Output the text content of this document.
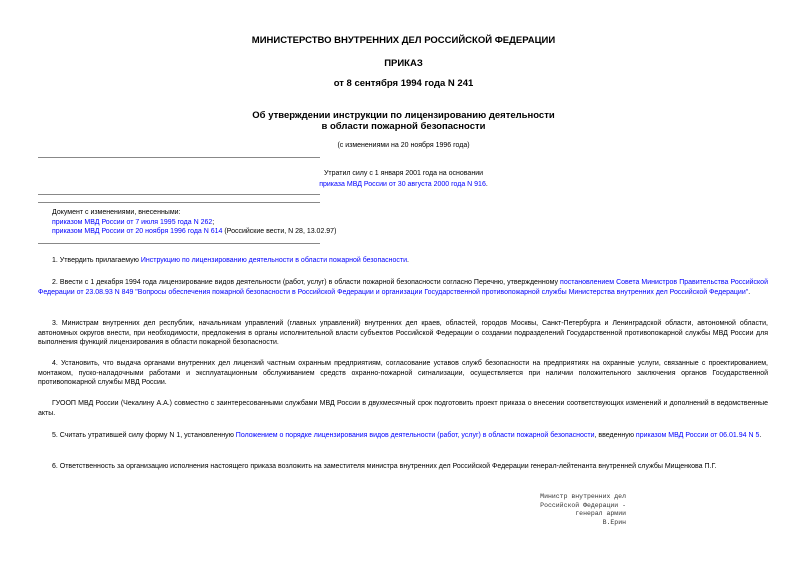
МИНИСТЕРСТВО ВНУТРЕННИХ ДЕЛ РОССИЙСКОЙ ФЕДЕРАЦИИ
ПРИКАЗ
от 8 сентября 1994 года N 241
Об утверждении инструкции по лицензированию деятельности
в области пожарной безопасности
(с изменениями на 20 ноября 1996 года)
Утратил силу с 1 января 2001 года на основании
приказа МВД России от 30 августа 2000 года N 916.
Документ с изменениями, внесенными:
приказом МВД России от 7 июля 1995 года N 262;
приказом МВД России от 20 ноября 1996 года N 614 (Российские вести, N 28, 13.02.97)
1. Утвердить прилагаемую Инструкцию по лицензированию деятельности в области пожарной безопасности.
2. Ввести с 1 декабря 1994 года лицензирование видов деятельности (работ, услуг) в области пожарной безопасности согласно Перечню, утвержденному постановлением Совета Министров Правительства Российской Федерации от 23.08.93 N 849 "Вопросы обеспечения пожарной безопасности в Российской Федерации и организации Государственной противопожарной службы Министерства внутренних дел Российской Федерации".
3. Министрам внутренних дел республик, начальникам управлений (главных управлений) внутренних дел краев, областей, городов Москвы, Санкт-Петербурга и Ленинградской области, автономной области, автономных округов внести, при необходимости, предложения в органы исполнительной власти субъектов Российской Федерации о создании подразделений Государственной противопожарной службы МВД России для выполнения функций лицензирования в области пожарной безопасности.
4. Установить, что выдача органами внутренних дел лицензий частным охранным предприятиям, согласование уставов служб безопасности на предприятиях на охранные услуги, связанные с проектированием, монтажом, пуско-наладочными работами и эксплуатационным обслуживанием средств охранно-пожарной сигнализации, осуществляется при наличии положительного заключения органов Государственной противопожарной службы МВД России.
ГУООП МВД России (Чекалину А.А.) совместно с заинтересованными службами МВД России в двухмесячный срок подготовить проект приказа о внесении соответствующих изменений и дополнений в ведомственные акты.
5. Считать утратившей силу форму N 1, установленную Положением о порядке лицензирования видов деятельности (работ, услуг) в области пожарной безопасности, введенную приказом МВД России от 06.01.94 N 5.
6. Ответственность за организацию исполнения настоящего приказа возложить на заместителя министра внутренних дел Российской Федерации генерал-лейтенанта внутренней службы Мищенкова П.Г.
Министр внутренних дел
Российской Федерации -
генерал армии
В.Ерин
